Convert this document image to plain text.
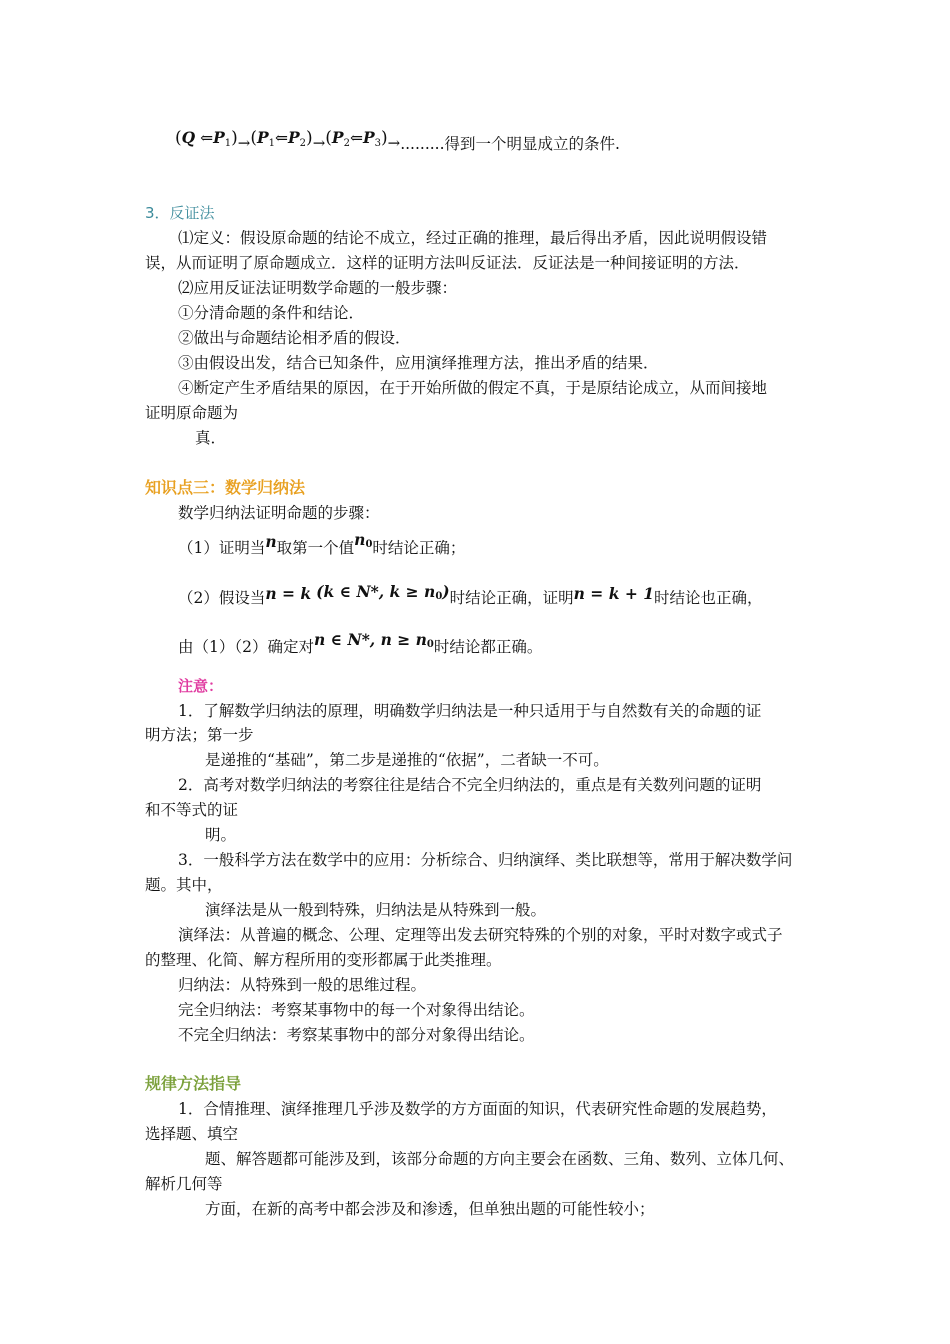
(Q $⇐P_1)\to(P_1⇐P_2)\to(P_2⇐P_3)\to$.........得到一个明显成立的条件.
3．反证法
⑴定义：假设原命题的结论不成立，经过正确的推理，最后得出矛盾，因此说明假设错
误，从而证明了原命题成立．这样的证明方法叫反证法．反证法是一种间接证明的方法．
⑵应用反证法证明数学命题的一般步骤：
①分清命题的条件和结论．
②做出与命题结论相矛盾的假设．
③由假设出发，结合已知条件，应用演绎推理方法，推出矛盾的结果．
④断定产生矛盾结果的原因，在于开始所做的假定不真，于是原结论成立，从而间接地
证明原命题为
真．
知识点三：数学归纳法
数学归纳法证明命题的步骤：
（1）证明当n取第一个值n0时结论正确；
（2）假设当n = k (k ∈ N*, k ≥ n0)时结论正确，证明n = k + 1时结论也正确，
由（1）（2）确定对n ∈ N*, n ≥ n0时结论都正确。
注意：
1．了解数学归纳法的原理，明确数学归纳法是一种只适用于与自然数有关的命题的证
明方法；第一步
是递推的“基础”，第二步是递推的“依据”，二者缺一不可。
2．高考对数学归纳法的考察往往是结合不完全归纳法的，重点是有关数列问题的证明
和不等式的证
明。
3．一般科学方法在数学中的应用：分析综合、归纳演绎、类比联想等，常用于解决数学问
题。其中，
演绎法是从一般到特殊，归纳法是从特殊到一般。
演绎法：从普遍的概念、公理、定理等出发去研究特殊的个别的对象，平时对数字或式子
的整理、化简、解方程所用的变形都属于此类推理。
归纳法：从特殊到一般的思维过程。
完全归纳法：考察某事物中的每一个对象得出结论。
不完全归纳法：考察某事物中的部分对象得出结论。
规律方法指导
1．合情推理、演绎推理几乎涉及数学的方方面面的知识，代表研究性命题的发展趋势，
选择题、填空
题、解答题都可能涉及到，该部分命题的方向主要会在函数、三角、数列、立体几何、
解析几何等
方面，在新的高考中都会涉及和渗透，但单独出题的可能性较小；
